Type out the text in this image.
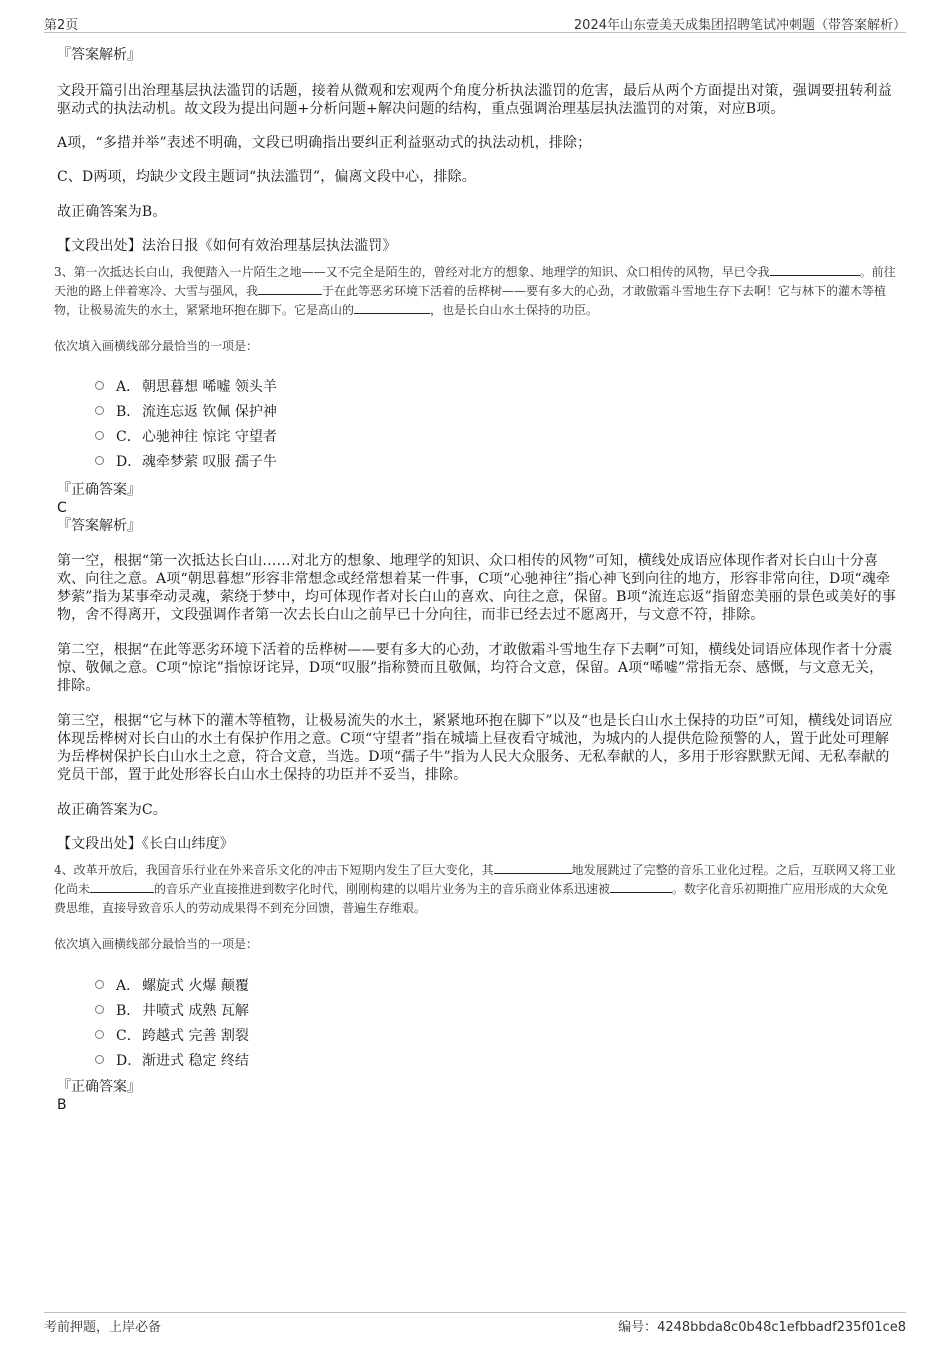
第2页	2024年山东壹美天成集团招聘笔试冲刺题（带答案解析）

『答案解析』

文段开篇引出治理基层执法滥罚的话题，接着从微观和宏观两个角度分析执法滥罚的危害，最后从两个方面提出对策，强调要扭转利益驱动式的执法动机。故文段为提出问题+分析问题+解决问题的结构，重点强调治理基层执法滥罚的对策，对应B项。

A项，“多措并举”表述不明确，文段已明确指出要纠正利益驱动式的执法动机，排除；

C、D两项，均缺少文段主题词“执法滥罚”，偏离文段中心，排除。

故正确答案为B。

【文段出处】法治日报《如何有效治理基层执法滥罚》

3、第一次抵达长白山，我便踏入一片陌生之地——又不完全是陌生的，曾经对北方的想象、地理学的知识、众口相传的风物，早已令我	。前往天池的路上伴着寒冷、大雪与强风，我	于在此等恶劣环境下活着的岳桦树——要有多大的心劲，才敢傲霜斗雪地生存下去啊！它与林下的灌木等植物，让极易流失的水土，紧紧地环抱在脚下。它是高山的	，也是长白山水土保持的功臣。

依次填入画横线部分最恰当的一项是：

A． 朝思暮想 唏嘘 领头羊
B． 流连忘返 钦佩 保护神
C． 心驰神往 惊诧 守望者
D． 魂牵梦萦 叹服 孺子牛

『正确答案』

C

『答案解析』

第一空，根据“第一次抵达长白山……对北方的想象、地理学的知识、众口相传的风物”可知，横线处成语应体现作者对长白山十分喜欢、向往之意。A项“朝思暮想”形容非常想念或经常想着某一件事，C项“心驰神往”指心神飞到向往的地方，形容非常向往，D项“魂牵梦萦”指为某事牵动灵魂，萦绕于梦中，均可体现作者对长白山的喜欢、向往之意，保留。B项“流连忘返”指留恋美丽的景色或美好的事物，舍不得离开，文段强调作者第一次去长白山之前早已十分向往，而非已经去过不愿离开，与文意不符，排除。

第二空，根据“在此等恶劣环境下活着的岳桦树——要有多大的心劲，才敢傲霜斗雪地生存下去啊”可知，横线处词语应体现作者十分震惊、敬佩之意。C项“惊诧”指惊讶诧异，D项“叹服”指称赞而且敬佩，均符合文意，保留。A项“唏嘘”常指无奈、感慨，与文意无关，排除。

第三空，根据“它与林下的灌木等植物，让极易流失的水土，紧紧地环抱在脚下”以及“也是长白山水土保持的功臣”可知，横线处词语应体现岳桦树对长白山的水土有保护作用之意。C项“守望者”指在城墙上昼夜看守城池，为城内的人提供危险预警的人，置于此处可理解为岳桦树保护长白山水土之意，符合文意，当选。D项“孺子牛”指为人民大众服务、无私奉献的人，多用于形容默默无闻、无私奉献的党员干部，置于此处形容长白山水土保持的功臣并不妥当，排除。

故正确答案为C。

【文段出处】《长白山纬度》

4、改革开放后，我国音乐行业在外来音乐文化的冲击下短期内发生了巨大变化，其	地发展跳过了完整的音乐工业化过程。之后，互联网又将工业化尚未	的音乐产业直接推进到数字化时代，刚刚构建的以唱片业务为主的音乐商业体系迅速被	。数字化音乐初期推广应用形成的大众免费思维，直接导致音乐人的劳动成果得不到充分回馈，普遍生存维艰。

依次填入画横线部分最恰当的一项是：

A． 螺旋式 火爆 颠覆
B． 井喷式 成熟 瓦解
C． 跨越式 完善 割裂
D． 渐进式 稳定 终结

『正确答案』

B

考前押题，上岸必备	编号：4248bbda8c0b48c1efbbadf235f01ce8
